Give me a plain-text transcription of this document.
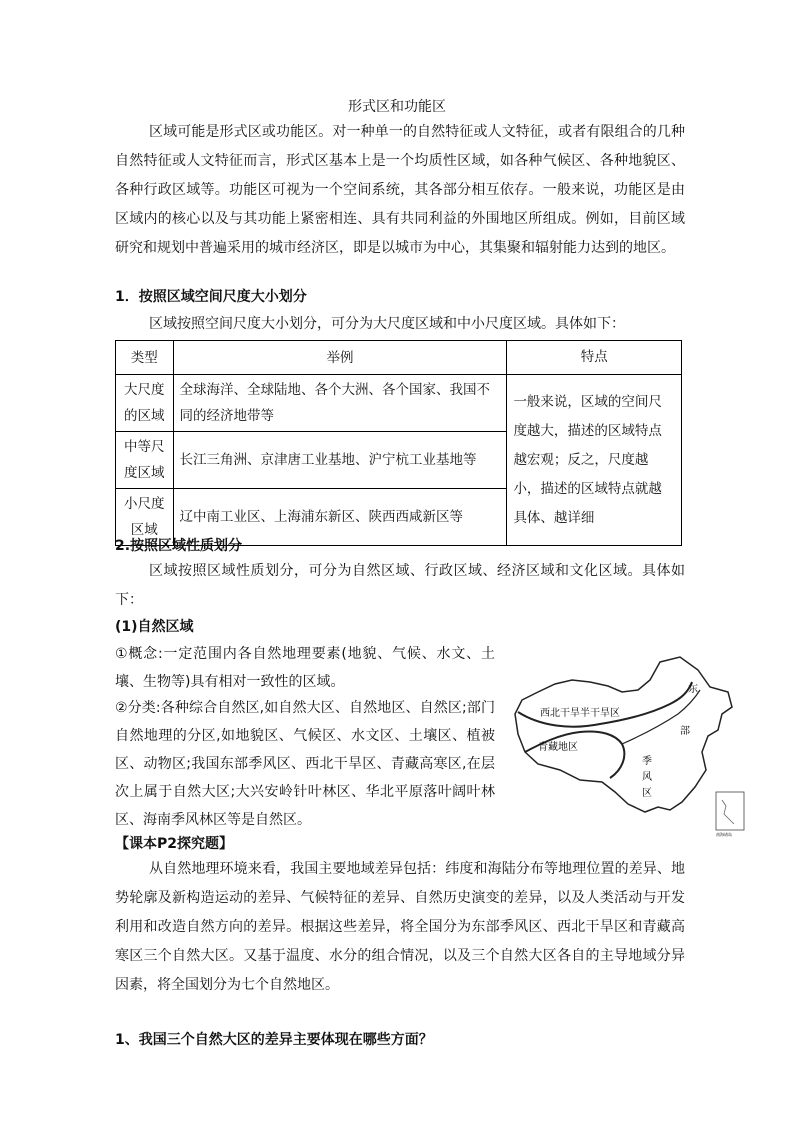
形式区和功能区
区域可能是形式区或功能区。对一种单一的自然特征或人文特征，或者有限组合的几种自然特征或人文特征而言，形式区基本上是一个均质性区域，如各种气候区、各种地貌区、各种行政区域等。功能区可视为一个空间系统，其各部分相互依存。一般来说，功能区是由区域内的核心以及与其功能上紧密相连、具有共同利益的外围地区所组成。例如，目前区域研究和规划中普遍采用的城市经济区，即是以城市为中心，其集聚和辐射能力达到的地区。
1．按照区域空间尺度大小划分
区域按照空间尺度大小划分，可分为大尺度区域和中小尺度区域。具体如下：
类型	举例	特点
大尺度的区域	全球海洋、全球陆地、各个大洲、各个国家、我国不同的经济地带等	一般来说，区域的空间尺度越大，描述的区域特点越宏观；反之，尺度越小，描述的区域特点就越具体、越详细
中等尺度区域	长江三角洲、京津唐工业基地、沪宁杭工业基地等	
小尺度区域	辽中南工业区、上海浦东新区、陕西西咸新区等	
2.按照区域性质划分
区域按照区域性质划分，可分为自然区域、行政区域、经济区域和文化区域。具体如下：
(1)自然区域
①概念:一定范围内各自然地理要素(地貌、气候、水文、土壤、生物等)具有相对一致性的区域。
②分类:各种综合自然区,如自然大区、自然地区、自然区;部门自然地理的分区,如地貌区、气候区、水文区、土壤区、植被区、动物区;我国东部季风区、西北干旱区、青藏高寒区,在层次上属于自然大区;大兴安岭针叶林区、华北平原落叶阔叶林区、海南季风林区等是自然区。
【课本P2探究题】
从自然地理环境来看，我国主要地域差异包括：纬度和海陆分布等地理位置的差异、地势轮廓及新构造运动的差异、气候特征的差异、自然历史演变的差异，以及人类活动与开发利用和改造自然方向的差异。根据这些差异，将全国分为东部季风区、西北干旱区和青藏高寒区三个自然大区。又基于温度、水分的组合情况，以及三个自然大区各自的主导地域分异因素，将全国划分为七个自然地区。
1、我国三个自然大区的差异主要体现在哪些方面？
西北干旱半干旱区
青藏地区
东
部
季
风
区
南海诸岛
